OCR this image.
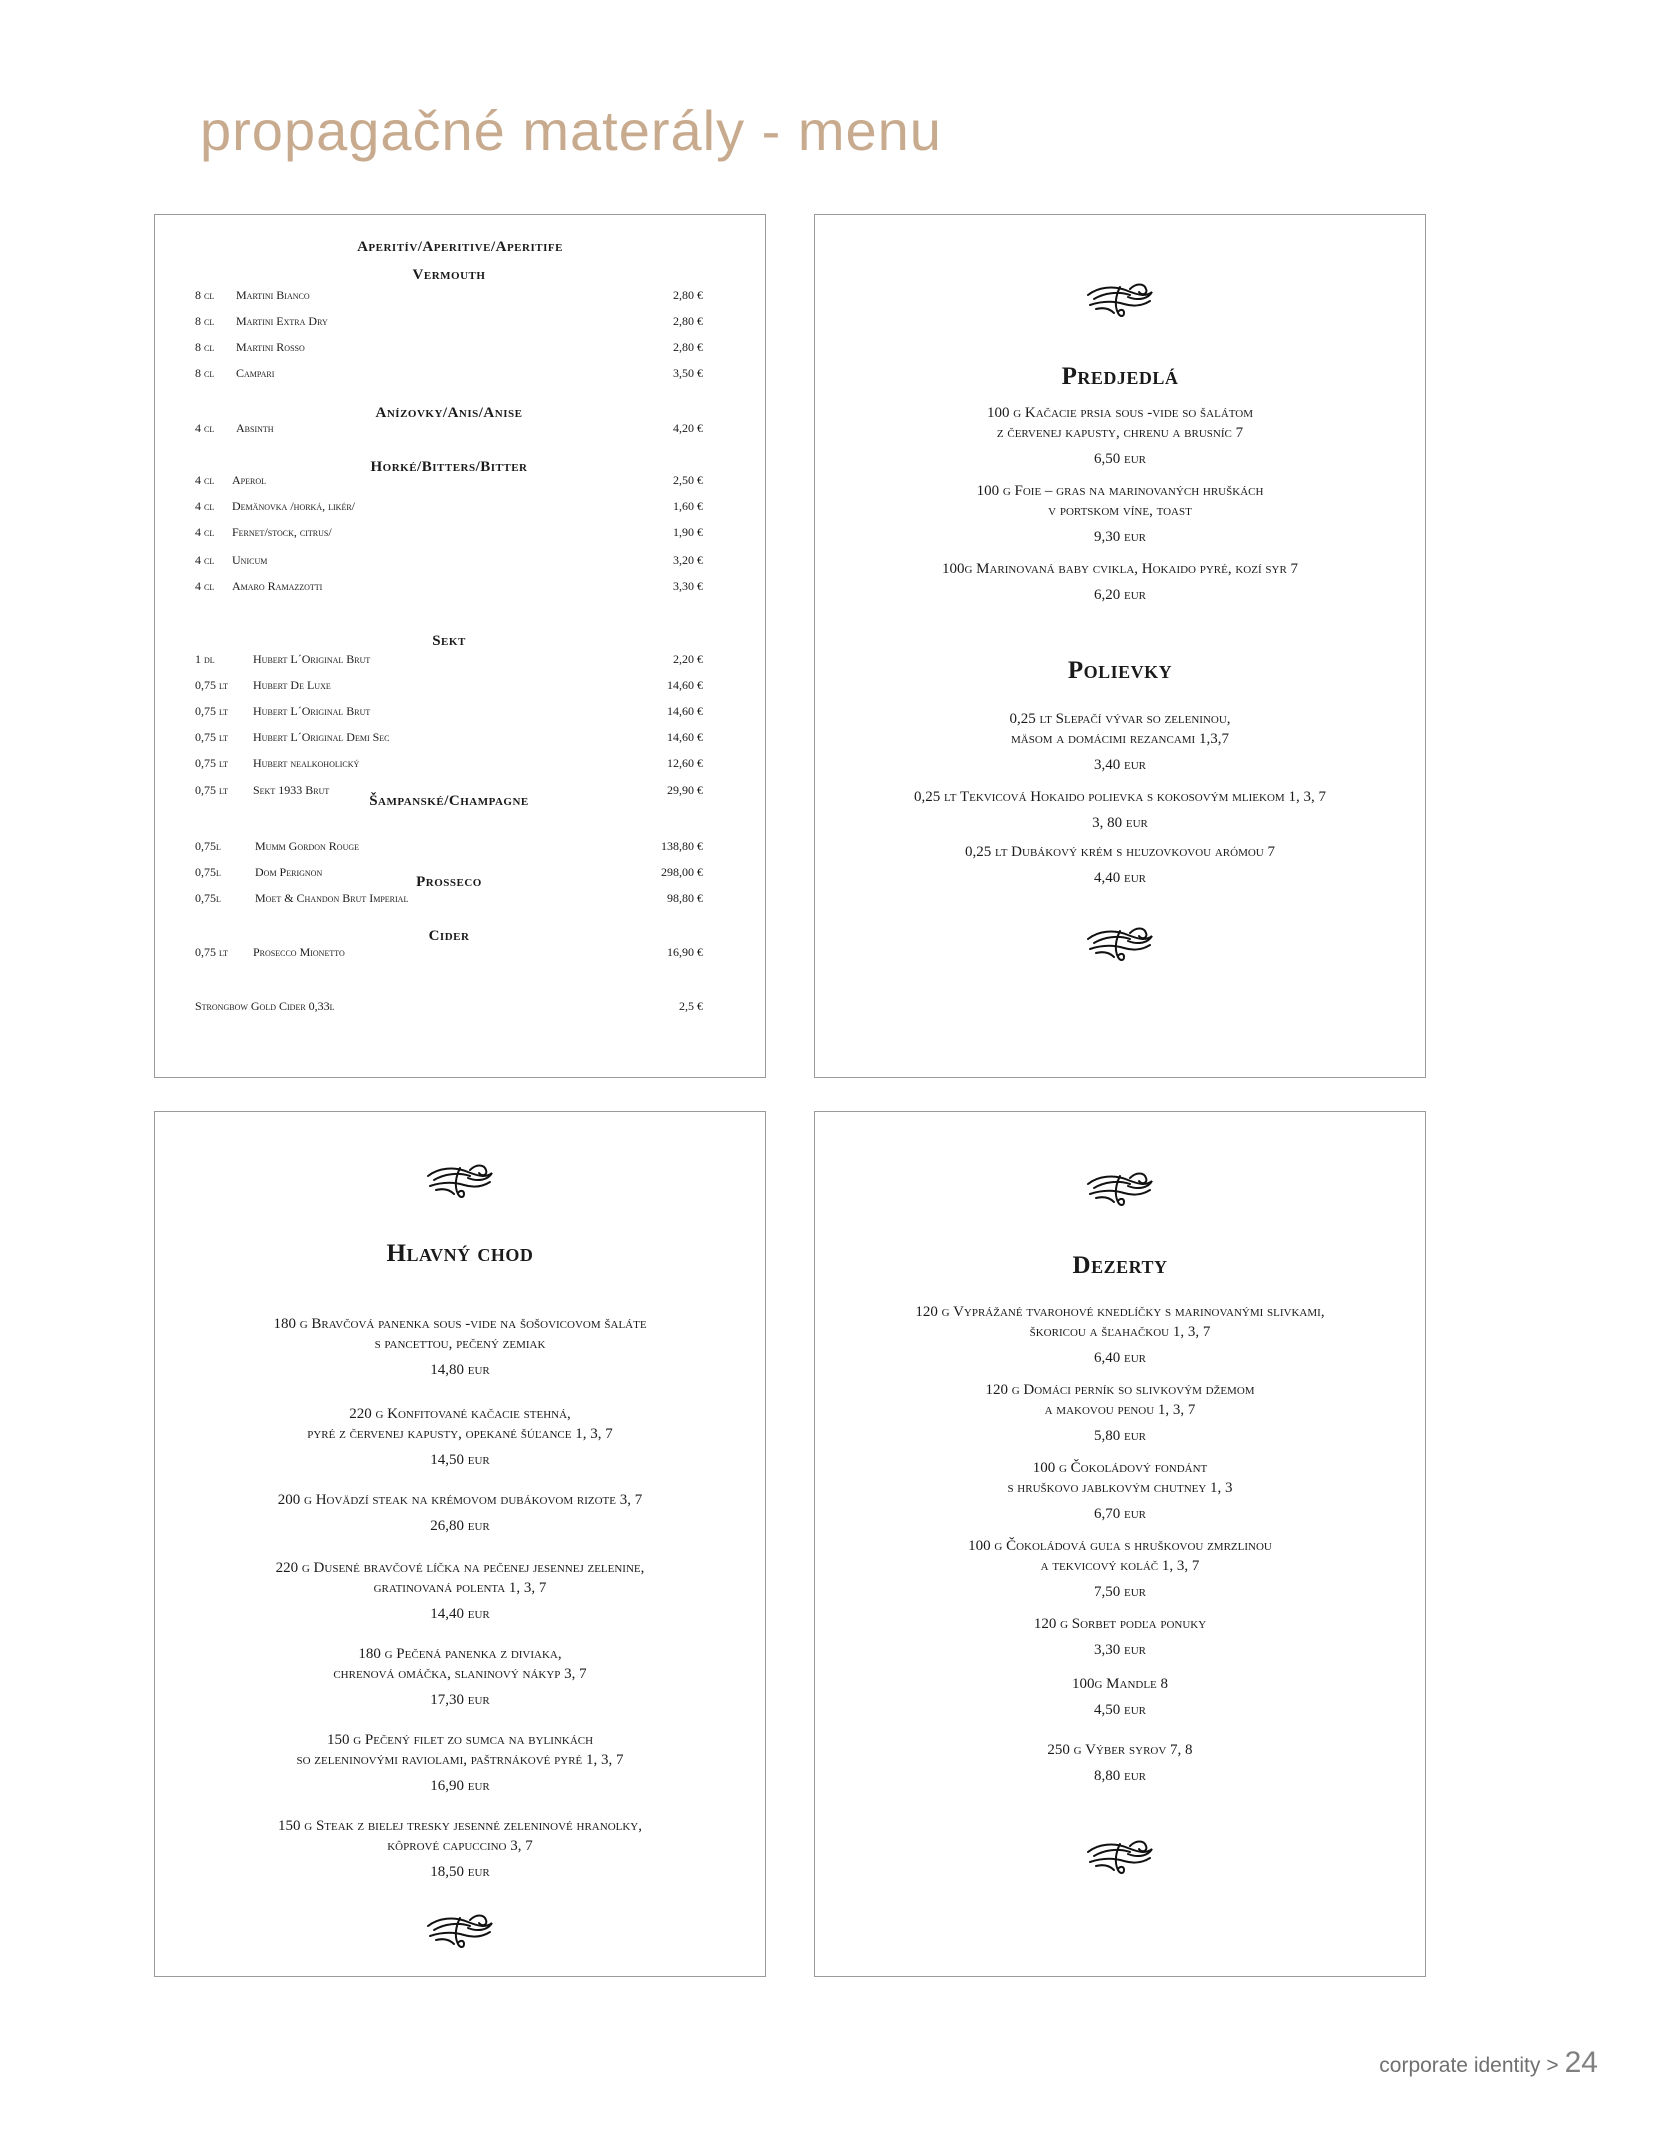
propagačné materály - menu
Aperitív/Aperitive/Aperitife
Vermouth
8 cl Martini Bianco	2,80 €
8 cl Martini Extra Dry	2,80 €
8 cl Martini Rosso	2,80 €
8 cl Campari	3,50 €
Anízovky/Anis/Anise
4 cl Absinth	4,20 €
Horké/Bitters/Bitter
4 cl Aperol	2,50 €
4 cl Demänovka /horká, likér/	1,60 €
4 cl Fernet/stock, citrus/	1,90 €
4 cl Unicum	3,20 €
4 cl Amaro Ramazzotti	3,30 €
Sekt
1 dl	Hubert L´Original Brut	2,20 €
0,75 lt Hubert De Luxe	14,60 €
0,75 lt Hubert L´Original Brut	14,60 €
0,75 lt Hubert L´Original Demi Sec	14,60 €
0,75 lt Hubert nealkoholický	12,60 €
0,75 lt Sekt 1933 Brut	29,90 €
Šampanské/Champagne
0,75l	Mumm Gordon Rouge	138,80 €
0,75l	Dom Perignon	298,00 €
0,75l	Moet & Chandon Brut Imperial	98,80 €
Prosseco
0,75 lt Prosecco Mionetto	16,90 €
Cider
Strongbow Gold Cider 0,33l	2,5 €
Predjedlá
100 g Kačacie prsia sous -vide so šalátom
z červenej kapusty, chrenu a brusníc 7
6,50 eur
100 g Foie – gras na marinovaných hruškách
v portskom víne, toast
9,30 eur
100g Marinovaná baby cvikla, Hokaido pyré, kozí syr 7
6,20 eur
Polievky
0,25 lt Slepačí vývar so zeleninou,
mäsom a domácimi rezancami 1,3,7
3,40 eur
0,25 lt Tekvicová Hokaido polievka s kokosovým mliekom 1, 3, 7
3, 80 eur
0,25 lt Dubákový krém s hľuzovkovou arómou 7
4,40 eur
Hlavný chod
180 g Bravčová panenka sous -vide na šošovicovom šaláte
s pancettou, pečený zemiak
14,80 eur
220 g Konfitované kačacie stehná,
pyré z červenej kapusty, opekané šúľance 1, 3, 7
14,50 eur
200 g Hovädzí steak na krémovom dubákovom rizote 3, 7
26,80 eur
220 g Dusené bravčové líčka na pečenej jesennej zelenine,
gratinovaná polenta 1, 3, 7
14,40 eur
180 g Pečená panenka z diviaka,
chrenová omáčka, slaninový nákyp 3, 7
17,30 eur
150 g Pečený filet zo sumca na bylinkách
so zeleninovými raviolami, paštrnákové pyré 1, 3, 7
16,90 eur
150 g Steak z bielej tresky jesenné zeleninové hranolky,
kôprové capuccino 3, 7
18,50 eur
Dezerty
120 g Vyprážané tvarohové knedlíčky s marinovanými slivkami,
škoricou a šľahačkou 1, 3, 7
6,40 eur
120 g Domáci perník so slivkovým džemom
a makovou penou 1, 3, 7
5,80 eur
100 g Čokoládový fondánt
s hruškovo jablkovým chutney 1, 3
6,70 eur
100 g Čokoládová guľa s hruškovou zmrzlinou
a tekvicový koláč 1, 3, 7
7,50 eur
120 g Sorbet podľa ponuky
3,30 eur
100g Mandle 8
4,50 eur
250 g Výber syrov 7, 8
8,80 eur
corporate identity > 24
